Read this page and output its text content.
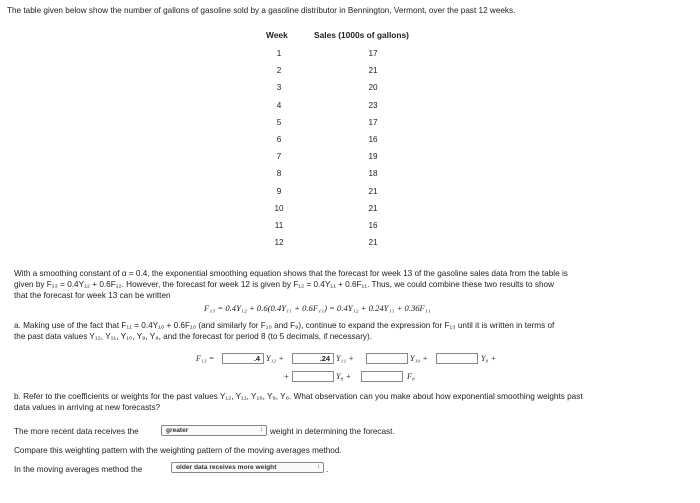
The table given below show the number of gallons of gasoline sold by a gasoline distributor in Bennington, Vermont, over the past 12 weeks.
Week	Sales (1000s of gallons)
1	17
2	21
3	20
4	23
5	17
6	16
7	19
8	18
9	21
10	21
11	16
12	21
With a smoothing constant of α = 0.4, the exponential smoothing equation shows that the forecast for week 13 of the gasoline sales data from the table is
given by F₁₃ = 0.4Y₁₂ + 0.6F₁₂. However, the forecast for week 12 is given by F₁₂ = 0.4Y₁₁ + 0.6F₁₁. Thus, we could combine these two results to show
that the forecast for week 13 can be written
F₁₃ = 0.4Y₁₂ + 0.6(0.4Y₁₁ + 0.6F₁₁) = 0.4Y₁₂ + 0.24Y₁₁ + 0.36F₁₁
a. Making use of the fact that F₁₁ = 0.4Y₁₀ + 0.6F₁₀ (and similarly for F₁₀ and F₉), continue to expand the expression for F₁₃ until it is written in terms of
the past data values Y₁₂, Y₁₁, Y₁₀, Y₉, Y₈, and the forecast for period 8 (to 5 decimals, if necessary).
F₁₃ =	.4 Y₁₂ +	.24 Y₁₁ +	Y₁₀ +	Y₉ +
+	Y₈ +	F₈
b. Refer to the coefficients or weights for the past values Y₁₂, Y₁₁, Y₁₀, Y₉, Y₈. What observation can you make about how exponential smoothing weights past
data values in arriving at new forecasts?
The more recent data receives the	greater	↕ weight in determining the forecast.
Compare this weighting pattern with the weighting pattern of the moving averages method.
In the moving averages method the	older data receives more weight	↕ .
